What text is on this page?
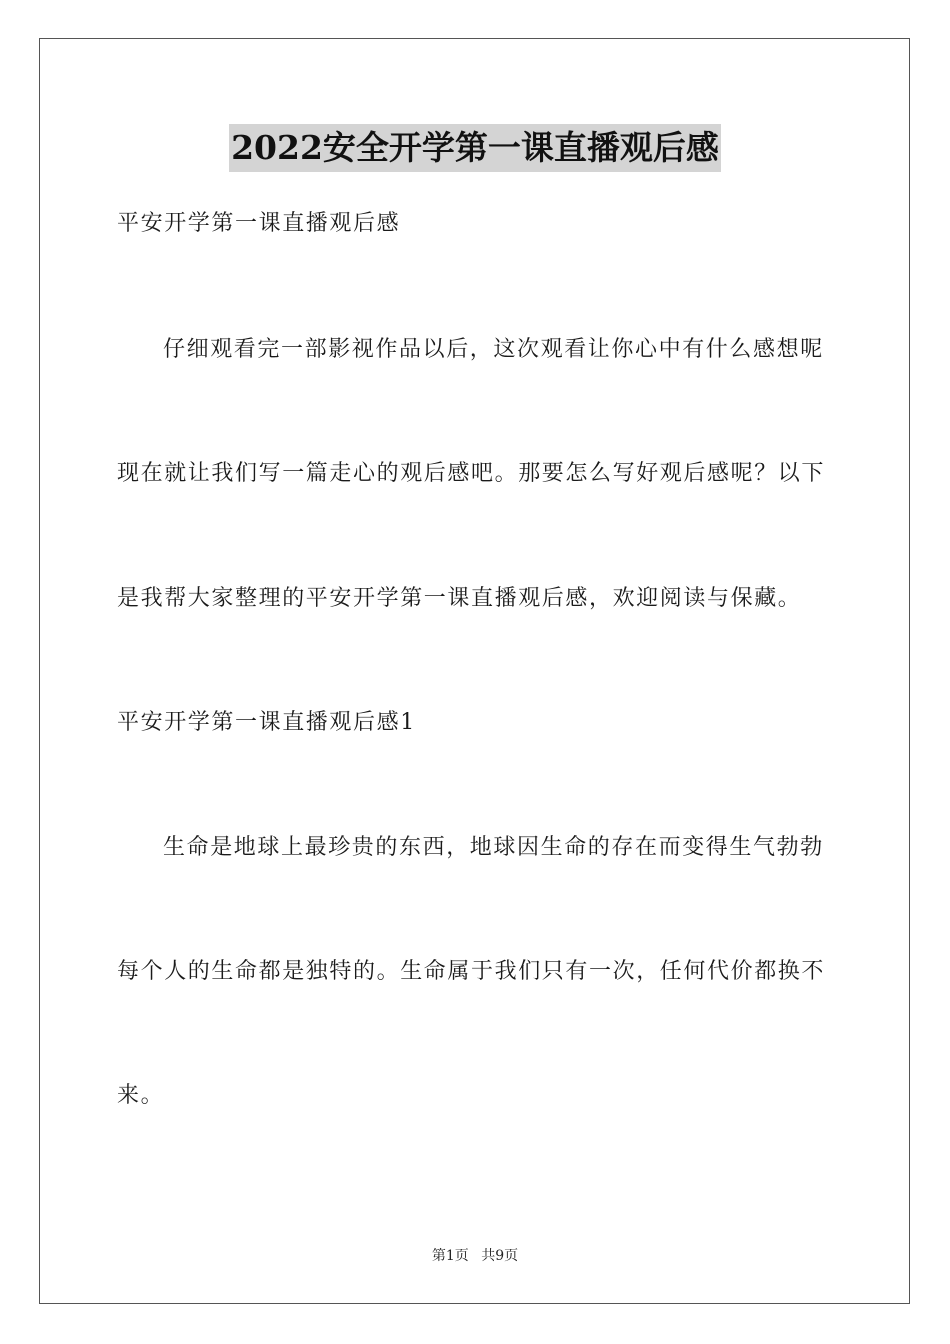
2022安全开学第一课直播观后感
平安开学第一课直播观后感
仔细观看完一部影视作品以后，这次观看让你心中有什么感想呢
现在就让我们写一篇走心的观后感吧。那要怎么写好观后感呢？以下
是我帮大家整理的平安开学第一课直播观后感，欢迎阅读与保藏。
平安开学第一课直播观后感1
生命是地球上最珍贵的东西，地球因生命的存在而变得生气勃勃
每个人的生命都是独特的。生命属于我们只有一次，任何代价都换不
来。
第1页 共9页
